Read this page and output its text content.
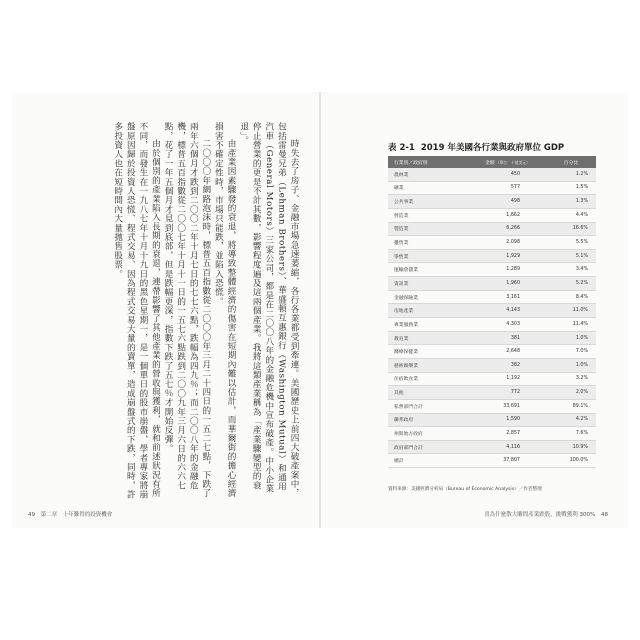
時失去了房子、金融市場急速萎縮，各行各業都受到牽連。美國歷史上前四大破產案中，包括雷曼兄弟（Lehman Brothers）、華盛頓互惠銀行（Washington Mutual）和通用汽車（General Motors）三家公司，都是在二〇〇八年的金融危機中宣布破產。中小企業停止營業的更是不計其數，影響程度遍及這兩個產業。我將這類產業稱為「產業驟變型的衰退」。

由產業因素驟發的衰退，將導致整體經濟的傷害在短期內難以估計，而華爾街的擔心經濟損害不確定性時，市場只能跌，並陷入恐慌。

二〇〇〇年網路泡沫時，標普五百指數從二〇〇〇年三月二十四日的一五二七點，下跌了兩年六個月才跌到二〇〇二年十月七日的七七六點，跌幅為四九％；而二〇〇八年的金融危機，標普五百指數從二〇〇七年十月十一日的一五七六點跌到二〇〇九年三月六日的六六七點，花了一年五個月才見到底部，但是跌幅更深，指數下跌了五七％才開始反彈。

由於個別的產業陷入長期的衰退，連帶影響了其他產業的營收與獲利，就和前述狀況有所不同，而發生在一九八七年十月十九日的黑色星期一，是一個單日的股市崩盤，學者專家將崩盤原因歸於投資人恐慌、程式交易、因為程式交易大量的賣單，造成崩盤式的下跌，同時，許多投資人也在短時間內大量拋售股票。

49 第二章　十年難得的投資機會
表 2-1 2019 年美國各行業與政府單位 GDP
行業別／政府別	金額（單位：十億美元）	百分比
農林業	450	1.2%
礦業	577	1.5%
公共事業	498	1.3%
營造業	1,662	4.4%
製造業	6,266	16.6%
躉售業	2,098	5.5%
零售業	1,929	5.1%
運輸倉儲業	1,289	3.4%
資訊業	1,960	5.2%
金融保險業	3,161	8.4%
房地產業	4,143	11.0%
專業服務業	4,303	11.4%
教育業	381	1.0%
醫療保健業	2,648	7.0%
藝術娛樂業	382	1.0%
住宿飲食業	1,192	3.2%
其他	772	2.0%
私營部門合計	33,691	89.1%
聯邦政府	1,590	4.2%
州與地方政府	2,857	7.6%
政府部門合計	4,116	10.9%
總計	37,807	100.0%
資料來源：美國經濟分析局（Bureau of Economic Analysis）／作者整理
喜為什麼散大雕問產業跌股，挑戰獲利 300% 48
